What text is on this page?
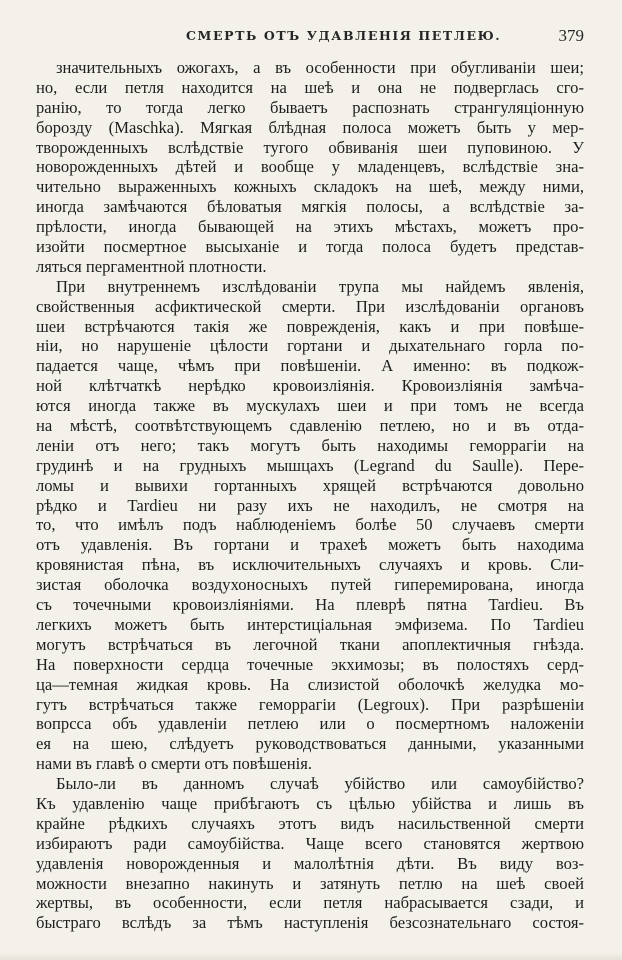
СМЕРТЬ ОТЪ УДАВЛЕНІЯ ПЕТЛЕЮ.	379
значительныхъ ожогахъ, а въ особенности при обугливаніи шеи;
но, если петля находится на шеѣ и она не подверглась сго-
ранію, то тогда легко бываетъ распознать странгуляціонную
борозду (Maschka). Мягкая блѣдная полоса можетъ быть у мер-
творожденныхъ вслѣдствіе тугого обвиванія шеи пуповиною. У
новорожденныхъ дѣтей и вообще у младенцевъ, вслѣдствіе зна-
чительно выраженныхъ кожныхъ складокъ на шеѣ, между ними,
иногда замѣчаются бѣловатыя мягкія полосы, а вслѣдствіе за-
прѣлости, иногда бывающей на этихъ мѣстахъ, можетъ про-
изойти посмертное высыханіе и тогда полоса будетъ представ-
ляться пергаментной плотности.
При внутреннемъ изслѣдованіи трупа мы найдемъ явленія,
свойственныя асфиктической смерти. При изслѣдованіи органовъ
шеи встрѣчаются такія же поврежденія, какъ и при повѣше-
ніи, но нарушеніе цѣлости гортани и дыхательнаго горла по-
падается чаще, чѣмъ при повѣшеніи. А именно: въ подкож-
ной клѣтчаткѣ нерѣдко кровоизліянія. Кровоизліянія замѣча-
ются иногда также въ мускулахъ шеи и при томъ не всегда
на мѣстѣ, соотвѣтствующемъ сдавленію петлею, но и въ отда-
леніи отъ него; такъ могутъ быть находимы геморрагіи на
грудинѣ и на грудныхъ мышцахъ (Legrand du Saulle). Пере-
ломы и вывихи гортанныхъ хрящей встрѣчаются довольно
рѣдко и Tardieu ни разу ихъ не находилъ, не смотря на
то, что имѣлъ подъ наблюденіемъ болѣе 50 случаевъ смерти
отъ удавленія. Въ гортани и трахеѣ можетъ быть находима
кровянистая пѣна, въ исключительныхъ случаяхъ и кровь. Сли-
зистая оболочка воздухоносныхъ путей гиперемирована, иногда
съ точечными кровоизліяніями. На плеврѣ пятна Tardieu. Въ
легкихъ можетъ быть интерстиціальная эмфизема. По Tardieu
могутъ встрѣчаться въ легочной ткани апоплектичныя гнѣзда.
На поверхности сердца точечные экхимозы; въ полостяхъ серд-
ца—темная жидкая кровь. На слизистой оболочкѣ желудка мо-
гутъ встрѣчаться также геморрагіи (Legroux). При разрѣшеніи
вопрсса объ удавленіи петлею или о посмертномъ наложеніи
ея на шею, слѣдуетъ руководствоваться данными, указанными
нами въ главѣ о смерти отъ повѣшенія.
Было-ли въ данномъ случаѣ убійство или самоубійство?
Къ удавленію чаще прибѣгаютъ съ цѣлью убійства и лишь въ
крайне рѣдкихъ случаяхъ этотъ видъ насильственной смерти
избираютъ ради самоубійства. Чаще всего становятся жертвою
удавленія новорожденныя и малолѣтнія дѣти. Въ виду воз-
можности внезапно накинуть и затянуть петлю на шеѣ своей
жертвы, въ особенности, если петля набрасывается сзади, и
быстраго вслѣдъ за тѣмъ наступленія безсознательнаго состоя-
